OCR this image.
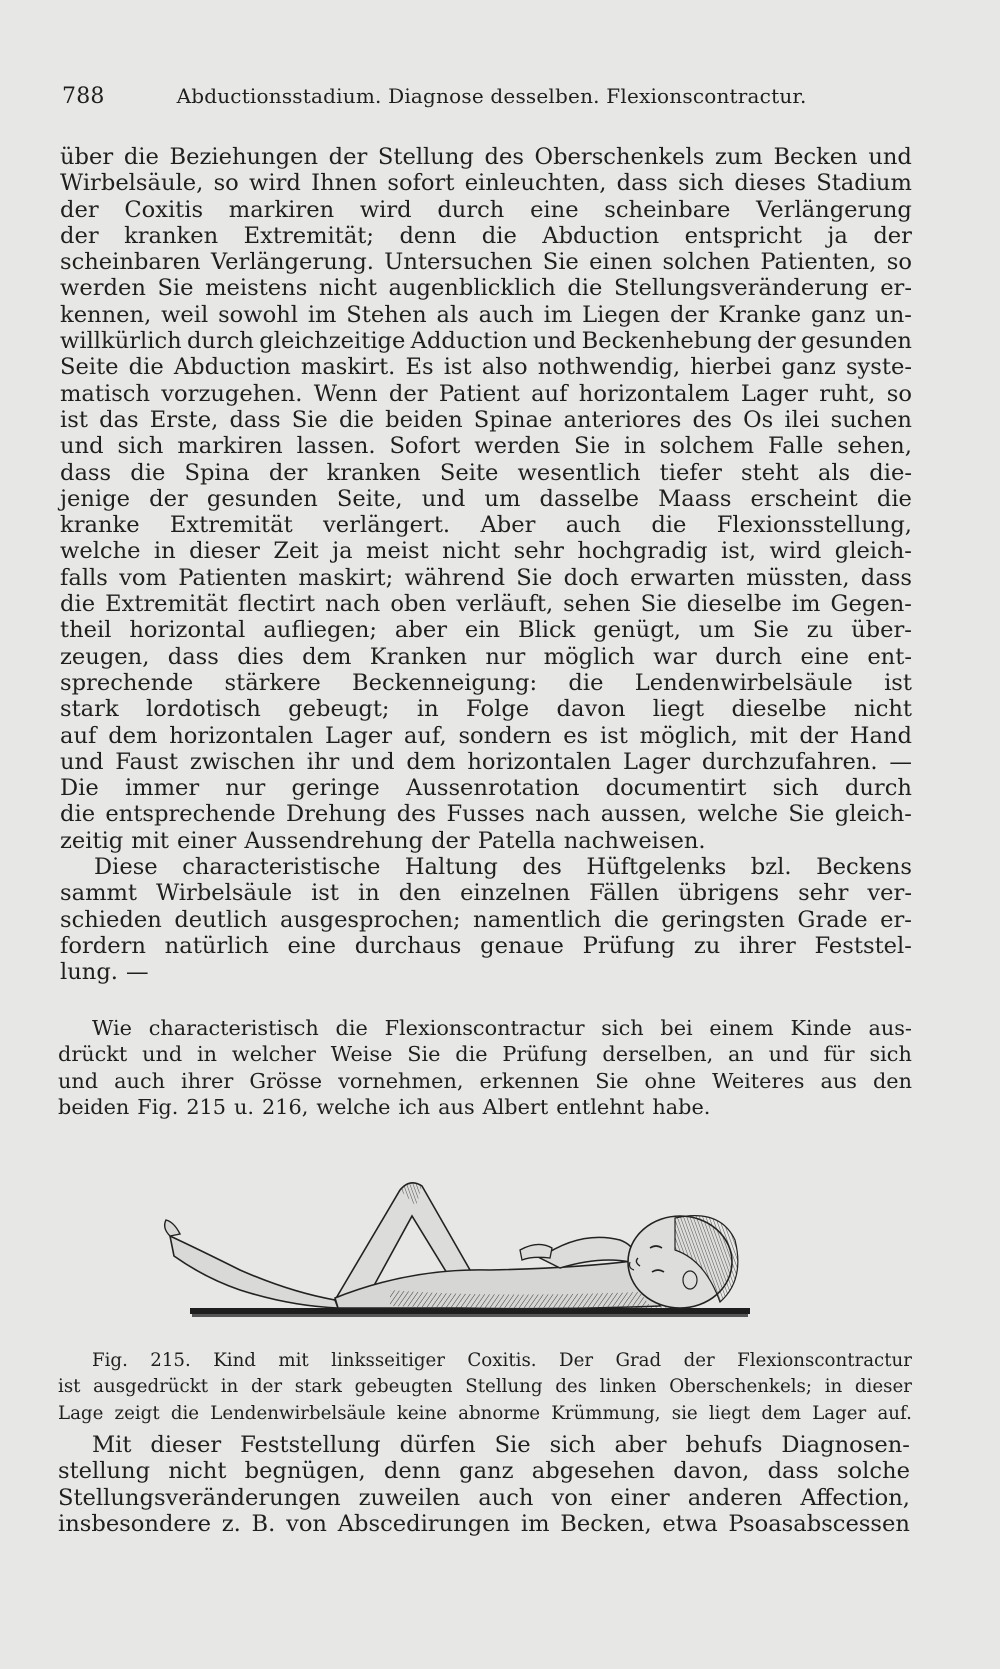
788	Abductionsstadium. Diagnose desselben. Flexionscontractur.
über die Beziehungen der Stellung des Oberschenkels zum Becken und
Wirbelsäule, so wird Ihnen sofort einleuchten, dass sich dieses Stadium
der Coxitis markiren wird durch eine scheinbare Verlängerung
der kranken Extremität; denn die Abduction entspricht ja der
scheinbaren Verlängerung. Untersuchen Sie einen solchen Patienten, so
werden Sie meistens nicht augenblicklich die Stellungsveränderung er-
kennen, weil sowohl im Stehen als auch im Liegen der Kranke ganz un-
willkürlich durch gleichzeitige Adduction und Beckenhebung der gesunden
Seite die Abduction maskirt. Es ist also nothwendig, hierbei ganz syste-
matisch vorzugehen. Wenn der Patient auf horizontalem Lager ruht, so
ist das Erste, dass Sie die beiden Spinae anteriores des Os ilei suchen
und sich markiren lassen. Sofort werden Sie in solchem Falle sehen,
dass die Spina der kranken Seite wesentlich tiefer steht als die-
jenige der gesunden Seite, und um dasselbe Maass erscheint die
kranke Extremität verlängert. Aber auch die Flexionsstellung,
welche in dieser Zeit ja meist nicht sehr hochgradig ist, wird gleich-
falls vom Patienten maskirt; während Sie doch erwarten müssten, dass
die Extremität flectirt nach oben verläuft, sehen Sie dieselbe im Gegen-
theil horizontal aufliegen; aber ein Blick genügt, um Sie zu über-
zeugen, dass dies dem Kranken nur möglich war durch eine ent-
sprechende stärkere Beckenneigung: die Lendenwirbelsäule ist
stark lordotisch gebeugt; in Folge davon liegt dieselbe nicht
auf dem horizontalen Lager auf, sondern es ist möglich, mit der Hand
und Faust zwischen ihr und dem horizontalen Lager durchzufahren. —
Die immer nur geringe Aussenrotation documentirt sich durch
die entsprechende Drehung des Fusses nach aussen, welche Sie gleich-
zeitig mit einer Aussendrehung der Patella nachweisen.
Diese characteristische Haltung des Hüftgelenks bzl. Beckens
sammt Wirbelsäule ist in den einzelnen Fällen übrigens sehr ver-
schieden deutlich ausgesprochen; namentlich die geringsten Grade er-
fordern natürlich eine durchaus genaue Prüfung zu ihrer Feststel-
lung. —
Wie characteristisch die Flexionscontractur sich bei einem Kinde aus-
drückt und in welcher Weise Sie die Prüfung derselben, an und für sich
und auch ihrer Grösse vornehmen, erkennen Sie ohne Weiteres aus den
beiden Fig. 215 u. 216, welche ich aus Albert entlehnt habe.
Fig. 215. Kind mit linksseitiger Coxitis. Der Grad der Flexionscontractur
ist ausgedrückt in der stark gebeugten Stellung des linken Oberschenkels; in dieser
Lage zeigt die Lendenwirbelsäule keine abnorme Krümmung, sie liegt dem Lager auf.
Mit dieser Feststellung dürfen Sie sich aber behufs Diagnosen-
stellung nicht begnügen, denn ganz abgesehen davon, dass solche
Stellungsveränderungen zuweilen auch von einer anderen Affection,
insbesondere z. B. von Abscedirungen im Becken, etwa Psoasabscessen
